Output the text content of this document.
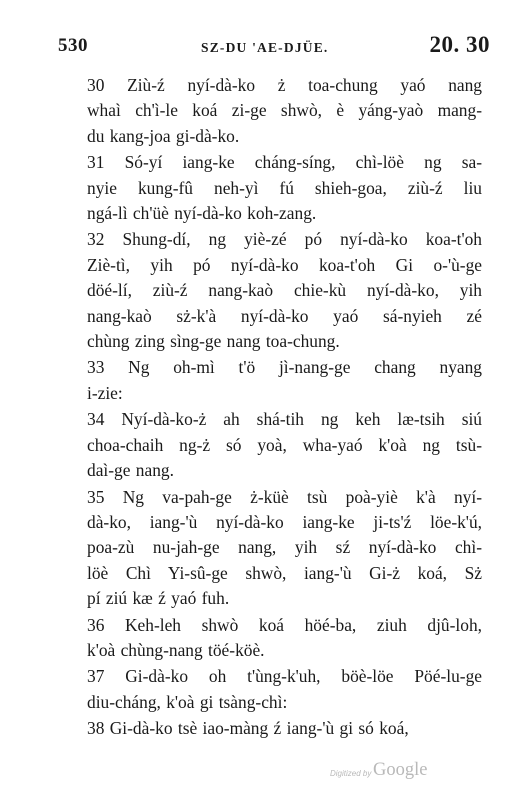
530	SZ-DU 'AE-DJÜE.	20. 30
30 Ziù-ź nyí-dà-ko ż toa-chung yaó nang
whaì ch'ì-le koá zi-ge shwò, è yáng-yaò mang-
du kang-joa gi-dà-ko.
31 Só-yí iang-ke cháng-síng, chì-löè ng sa-
nyie kung-fû neh-yì fú shieh-goa, ziù-ź liu
ngá-lì ch'üè nyí-dà-ko koh-zang.
32 Shung-dí, ng yiè-zé pó nyí-dà-ko koa-t'oh
Ziè-tì, yih pó nyí-dà-ko koa-t'oh Gi o-'ù-ge
döé-lí, ziù-ź nang-kaò chie-kù nyí-dà-ko, yih
nang-kaò sż-k'à nyí-dà-ko yaó sá-nyieh zé
chùng zing sìng-ge nang toa-chung.
33 Ng oh-mì t'ö jì-nang-ge chang nyang
i-zie:
34 Nyí-dà-ko-ż ah shá-tih ng keh læ-tsih siú
choa-chaih ng-ż só yoà, wha-yaó k'oà ng tsù-
daì-ge nang.
35 Ng va-pah-ge ż-küè tsù poà-yiè k'à nyí-
dà-ko, iang-'ù nyí-dà-ko iang-ke ji-ts'ź löe-k'ú,
poa-zù nu-jah-ge nang, yih sź nyí-dà-ko chì-
löè Chì Yi-sû-ge shwò, iang-'ù Gi-ż koá, Sż
pí ziú kæ ź yaó fuh.
36 Keh-leh shwò koá höé-ba, ziuh djû-loh,
k'oà chùng-nang töé-köè.
37 Gi-dà-ko oh t'ùng-k'uh, böè-löe Pöé-lu-ge
diu-cháng, k'oà gi tsàng-chì:
38 Gi-dà-ko tsè iao-màng ź iang-'ù gi só koá,
Digitized by Google
